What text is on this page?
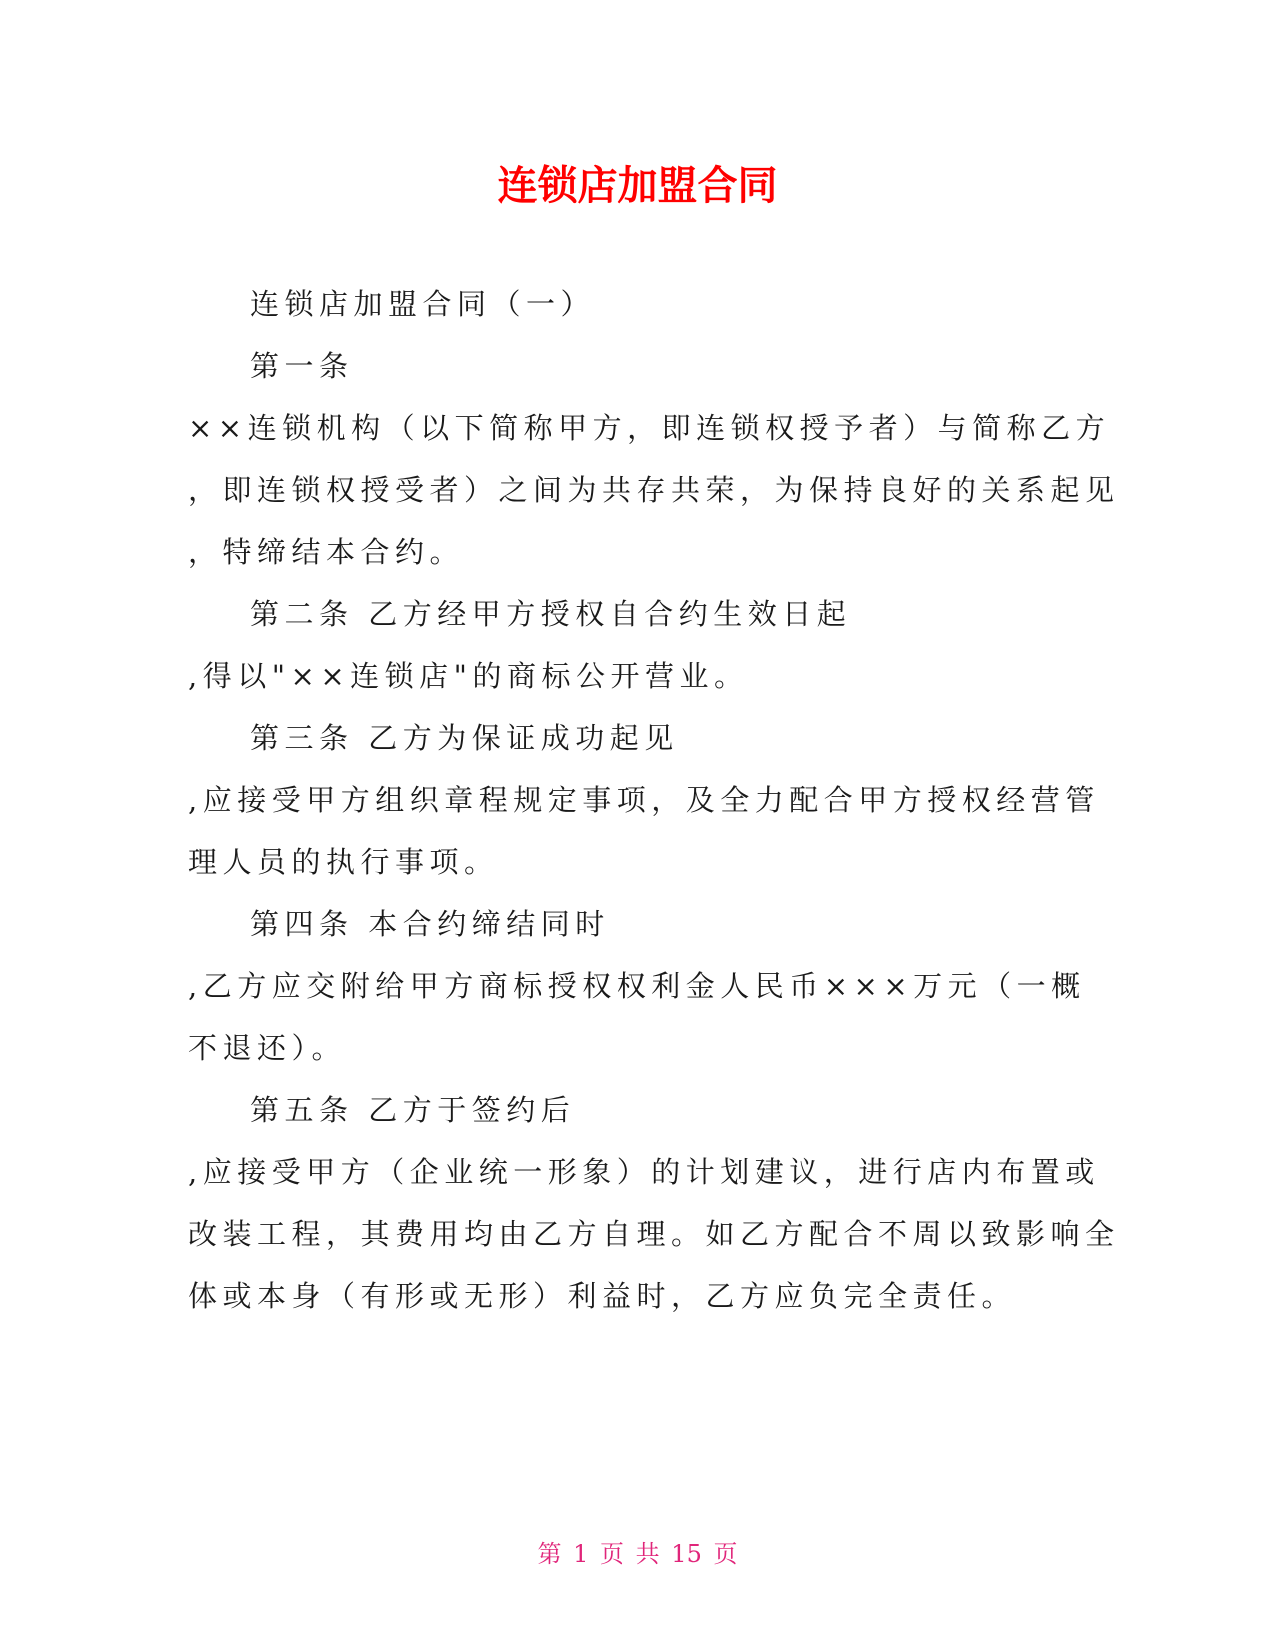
连锁店加盟合同
连锁店加盟合同（一）
第一条
××连锁机构（以下简称甲方，即连锁权授予者）与简称乙方
，即连锁权授受者）之间为共存共荣，为保持良好的关系起见
，特缔结本合约。
第二条 乙方经甲方授权自合约生效日起
,得以"××连锁店"的商标公开营业。
第三条 乙方为保证成功起见
,应接受甲方组织章程规定事项，及全力配合甲方授权经营管
理人员的执行事项。
第四条 本合约缔结同时
,乙方应交附给甲方商标授权权利金人民币×××万元（一概
不退还）。
第五条 乙方于签约后
,应接受甲方（企业统一形象）的计划建议，进行店内布置或
改装工程，其费用均由乙方自理。如乙方配合不周以致影响全
体或本身（有形或无形）利益时，乙方应负完全责任。
第 1 页 共 15 页
